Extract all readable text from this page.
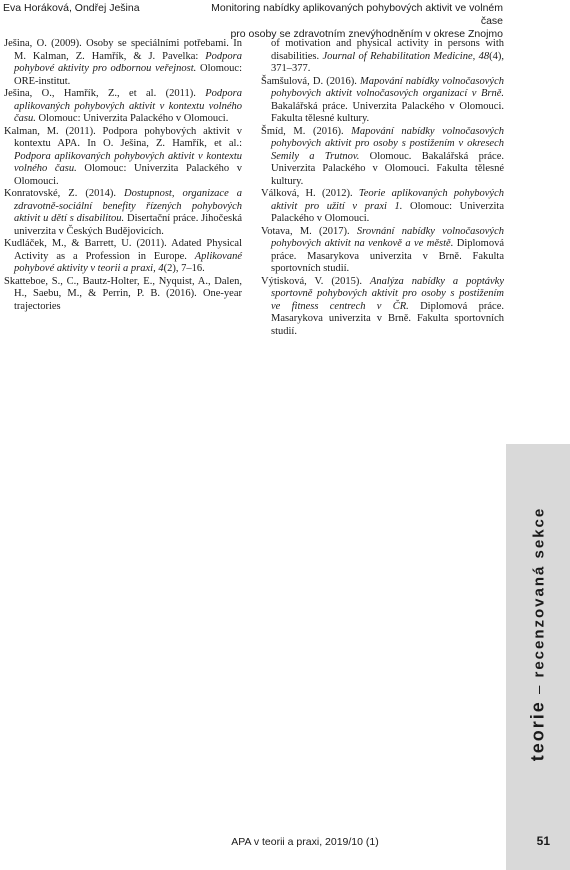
Eva Horáková, Ondřej Ješina	Monitoring nabídky aplikovaných pohybových aktivit ve volném čase
pro osoby se zdravotním znevýhodněním v okrese Znojmo

Ješina, O. (2009). Osoby se speciálními potřebami. In M. Kalman, Z. Hamřík, & J. Pavelka: Podpora pohybové aktivity pro odbornou veřejnost. Olomouc: ORE-institut.

Ješina, O., Hamřík, Z., et al. (2011). Podpora aplikovaných pohybových aktivit v kontextu volného času. Olomouc: Univerzita Palackého v Olomouci.

Kalman, M. (2011). Podpora pohybových aktivit v kontextu APA. In O. Ješina, Z. Hamřík, et al.: Podpora aplikovaných pohybových aktivit v kontextu volného času. Olomouc: Univerzita Palackého v Olomouci.

Konratovské, Z. (2014). Dostupnost, organizace a zdravotně-sociální benefity řízených pohybových aktivit u dětí s disabilitou. Disertační práce. Jihočeská univerzita v Českých Budějovicích.

Kudláček, M., & Barrett, U. (2011). Adated Physical Activity as a Profession in Europe. Aplikované pohybové aktivity v teorii a praxi, 4(2), 7–16.

Skatteboe, S., C., Bautz-Holter, E., Nyquist, A., Dalen, H., Saebu, M., & Perrin, P. B. (2016). One-year trajectories

of motivation and physical activity in persons with disabilities. Journal of Rehabilitation Medicine, 48(4), 371–377.

Šamšulová, D. (2016). Mapování nabídky volnočasových pohybových aktivit volnočasových organizací v Brně. Bakalářská práce. Univerzita Palackého v Olomouci. Fakulta tělesné kultury.

Šmíd, M. (2016). Mapování nabídky volnočasových pohybových aktivit pro osoby s postižením v okresech Semily a Trutnov. Olomouc. Bakalářská práce. Univerzita Palackého v Olomouci. Fakulta tělesné kultury.

Válková, H. (2012). Teorie aplikovaných pohybových aktivit pro užití v praxi 1. Olomouc: Univerzita Palackého v Olomouci.

Votava, M. (2017). Srovnání nabídky volnočasových pohybových aktivit na venkově a ve městě. Diplomová práce. Masarykova univerzita v Brně. Fakulta sportovních studií.

Výtisková, V. (2015). Analýza nabídky a poptávky sportovně pohybových aktivit pro osoby s postižením ve fitness centrech v ČR. Diplomová práce. Masarykova univerzita v Brně. Fakulta sportovních studií.

teorie – recenzovaná sekce
APA v teorii a praxi, 2019/10 (1)	51
